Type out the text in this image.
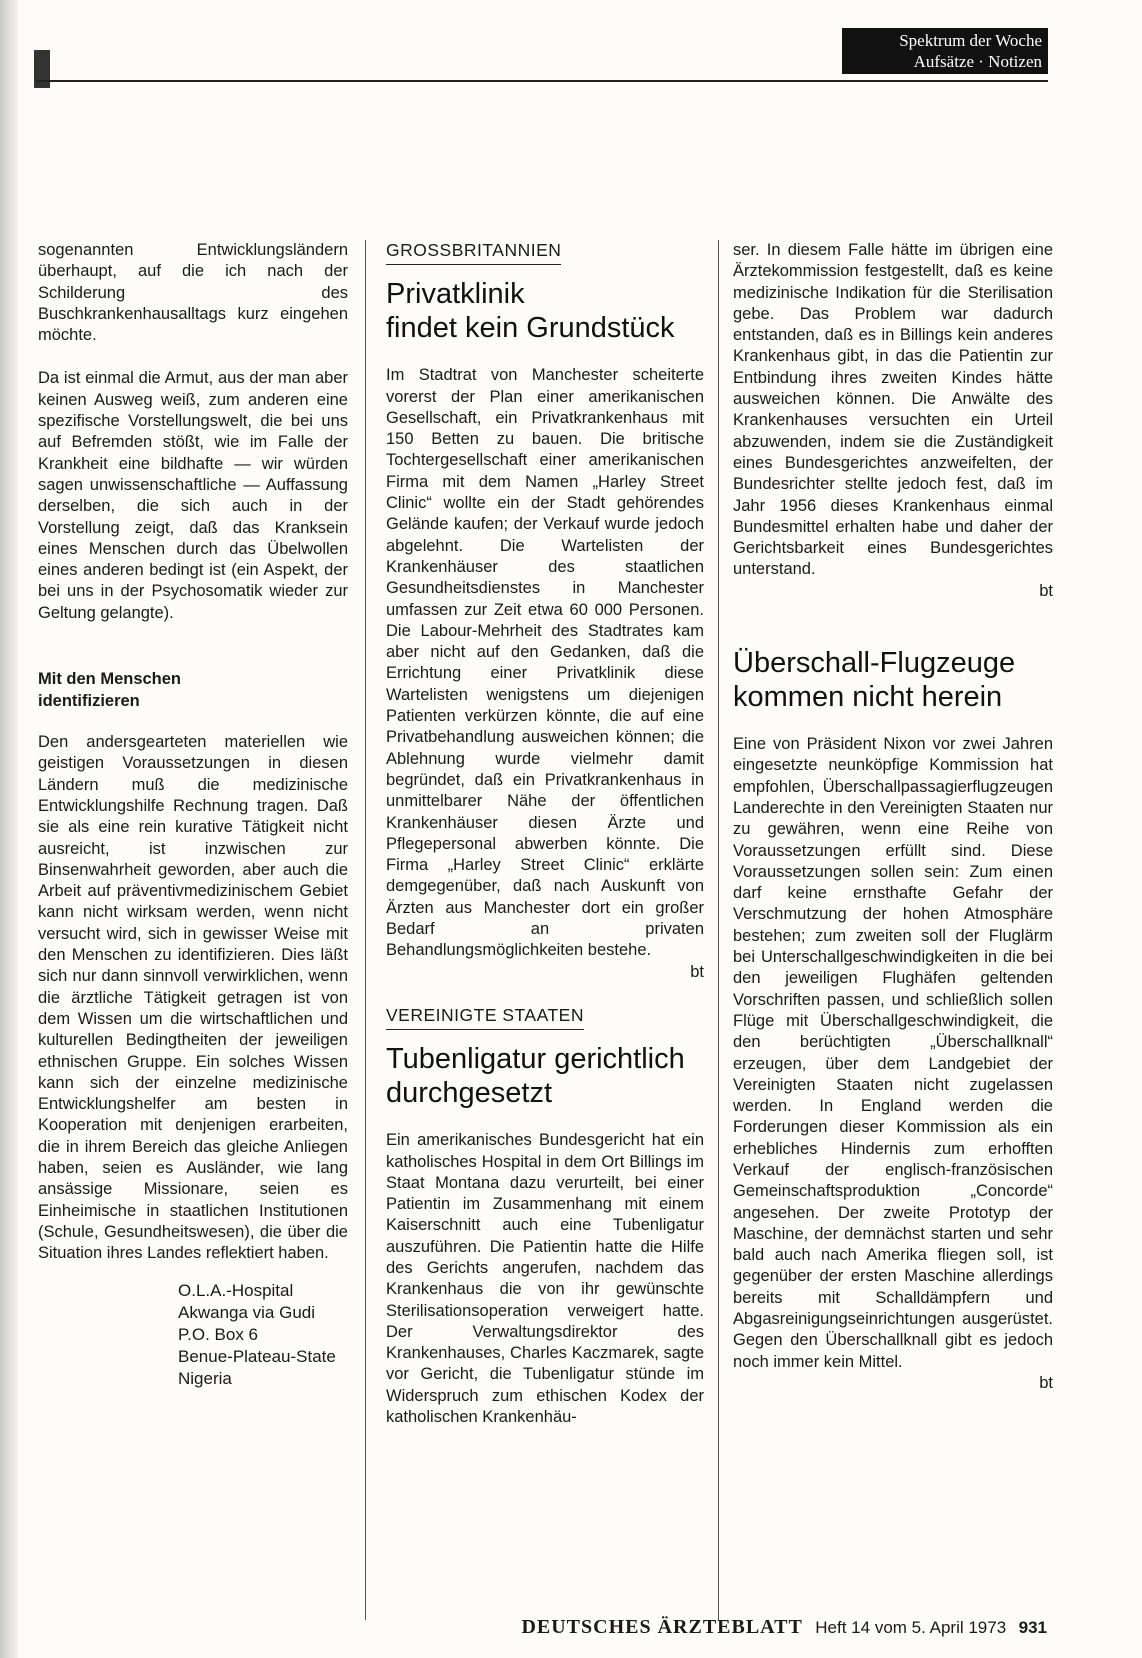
Spektrum der Woche
Aufsätze · Notizen

sogenannten Entwicklungsländern überhaupt, auf die ich nach der Schilderung des Buschkrankenhausalltags kurz eingehen möchte.

Da ist einmal die Armut, aus der man aber keinen Ausweg weiß, zum anderen eine spezifische Vorstellungswelt, die bei uns auf Befremden stößt, wie im Falle der Krankheit eine bildhafte — wir würden sagen unwissenschaftliche — Auffassung derselben, die sich auch in der Vorstellung zeigt, daß das Kranksein eines Menschen durch das Übelwollen eines anderen bedingt ist (ein Aspekt, der bei uns in der Psychosomatik wieder zur Geltung gelangte).

Mit den Menschen
identifizieren

Den andersgearteten materiellen wie geistigen Voraussetzungen in diesen Ländern muß die medizinische Entwicklungshilfe Rechnung tragen. Daß sie als eine rein kurative Tätigkeit nicht ausreicht, ist inzwischen zur Binsenwahrheit geworden, aber auch die Arbeit auf präventivmedizinischem Gebiet kann nicht wirksam werden, wenn nicht versucht wird, sich in gewisser Weise mit den Menschen zu identifizieren. Dies läßt sich nur dann sinnvoll verwirklichen, wenn die ärztliche Tätigkeit getragen ist von dem Wissen um die wirtschaftlichen und kulturellen Bedingtheiten der jeweiligen ethnischen Gruppe. Ein solches Wissen kann sich der einzelne medizinische Entwicklungshelfer am besten in Kooperation mit denjenigen erarbeiten, die in ihrem Bereich das gleiche Anliegen haben, seien es Ausländer, wie lang ansässige Missionare, seien es Einheimische in staatlichen Institutionen (Schule, Gesundheitswesen), die über die Situation ihres Landes reflektiert haben.

O.L.A.-Hospital
Akwanga via Gudi
P.O. Box 6
Benue-Plateau-State
Nigeria
GROSSBRITANNIEN
Privatklinik
findet kein Grundstück

Im Stadtrat von Manchester scheiterte vorerst der Plan einer amerikanischen Gesellschaft, ein Privatkrankenhaus mit 150 Betten zu bauen. Die britische Tochtergesellschaft einer amerikanischen Firma mit dem Namen „Harley Street Clinic“ wollte ein der Stadt gehörendes Gelände kaufen; der Verkauf wurde jedoch abgelehnt. Die Wartelisten der Krankenhäuser des staatlichen Gesundheitsdienstes in Manchester umfassen zur Zeit etwa 60 000 Personen. Die Labour-Mehrheit des Stadtrates kam aber nicht auf den Gedanken, daß die Errichtung einer Privatklinik diese Wartelisten wenigstens um diejenigen Patienten verkürzen könnte, die auf eine Privatbehandlung ausweichen können; die Ablehnung wurde vielmehr damit begründet, daß ein Privatkrankenhaus in unmittelbarer Nähe der öffentlichen Krankenhäuser diesen Ärzte und Pflegepersonal abwerben könnte. Die Firma „Harley Street Clinic“ erklärte demgegenüber, daß nach Auskunft von Ärzten aus Manchester dort ein großer Bedarf an privaten Behandlungsmöglichkeiten bestehe.

bt
VEREINIGTE STAATEN
Tubenligatur gerichtlich
durchgesetzt

Ein amerikanisches Bundesgericht hat ein katholisches Hospital in dem Ort Billings im Staat Montana dazu verurteilt, bei einer Patientin im Zusammenhang mit einem Kaiserschnitt auch eine Tubenligatur auszuführen. Die Patientin hatte die Hilfe des Gerichts angerufen, nachdem das Krankenhaus die von ihr gewünschte Sterilisationsoperation verweigert hatte. Der Verwaltungsdirektor des Krankenhauses, Charles Kaczmarek, sagte vor Gericht, die Tubenligatur stünde im Widerspruch zum ethischen Kodex der katholischen Krankenhäu-

ser. In diesem Falle hätte im übrigen eine Ärztekommission festgestellt, daß es keine medizinische Indikation für die Sterilisation gebe. Das Problem war dadurch entstanden, daß es in Billings kein anderes Krankenhaus gibt, in das die Patientin zur Entbindung ihres zweiten Kindes hätte ausweichen können. Die Anwälte des Krankenhauses versuchten ein Urteil abzuwenden, indem sie die Zuständigkeit eines Bundesgerichtes anzweifelten, der Bundesrichter stellte jedoch fest, daß im Jahr 1956 dieses Krankenhaus einmal Bundesmittel erhalten habe und daher der Gerichtsbarkeit eines Bundesgerichtes unterstand.

bt
Überschall-Flugzeuge
kommen nicht herein

Eine von Präsident Nixon vor zwei Jahren eingesetzte neunköpfige Kommission hat empfohlen, Überschallpassagierflugzeugen Landerechte in den Vereinigten Staaten nur zu gewähren, wenn eine Reihe von Voraussetzungen erfüllt sind. Diese Voraussetzungen sollen sein: Zum einen darf keine ernsthafte Gefahr der Verschmutzung der hohen Atmosphäre bestehen; zum zweiten soll der Fluglärm bei Unterschallgeschwindigkeiten in die bei den jeweiligen Flughäfen geltenden Vorschriften passen, und schließlich sollen Flüge mit Überschallgeschwindigkeit, die den berüchtigten „Überschallknall“ erzeugen, über dem Landgebiet der Vereinigten Staaten nicht zugelassen werden. In England werden die Forderungen dieser Kommission als ein erhebliches Hindernis zum erhofften Verkauf der englisch-französischen Gemeinschaftsproduktion „Concorde“ angesehen. Der zweite Prototyp der Maschine, der demnächst starten und sehr bald auch nach Amerika fliegen soll, ist gegenüber der ersten Maschine allerdings bereits mit Schalldämpfern und Abgasreinigungseinrichtungen ausgerüstet. Gegen den Überschallknall gibt es jedoch noch immer kein Mittel.

bt
DEUTSCHES ÄRZTEBLATT Heft 14 vom 5. April 1973 931
